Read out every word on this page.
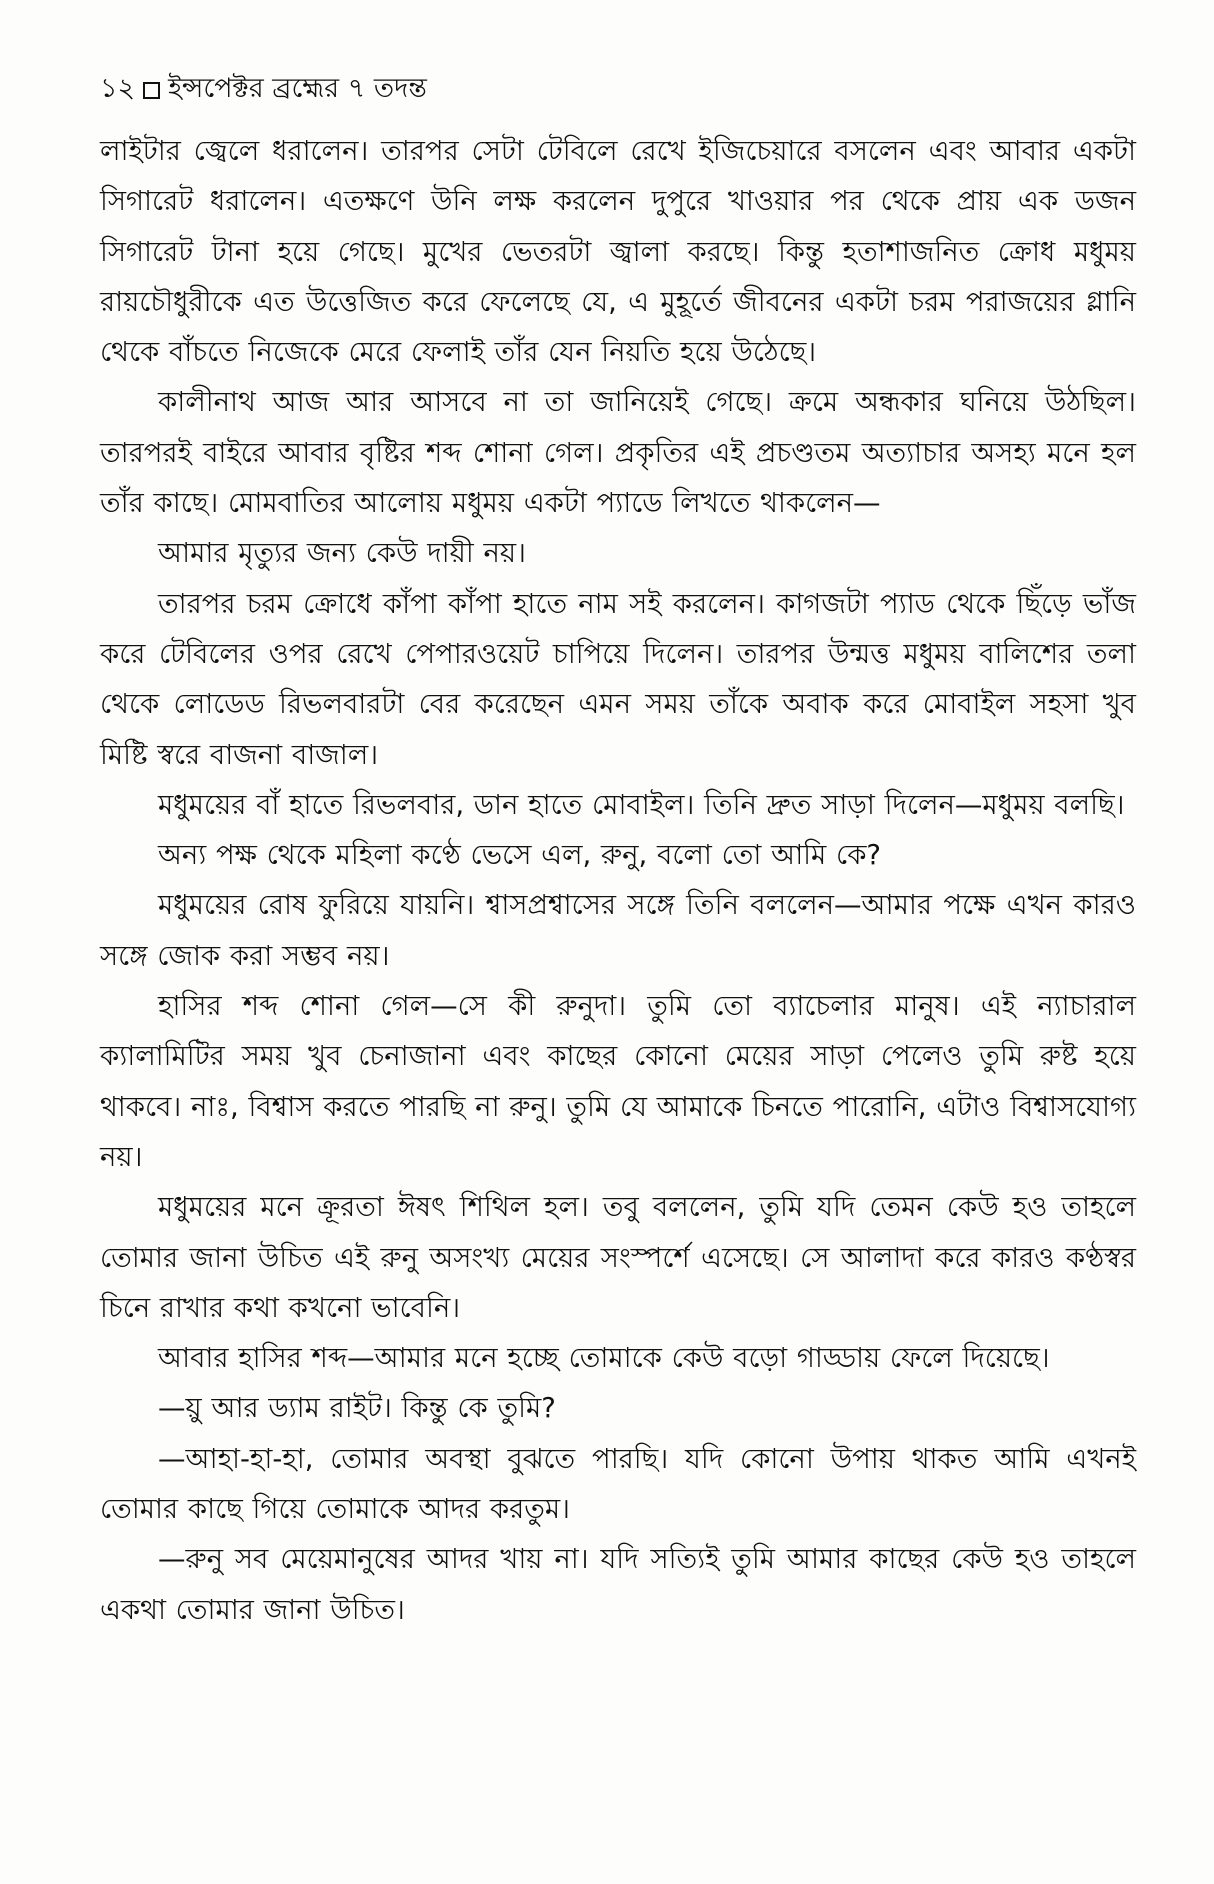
১২ ইন্সপেক্টর ব্রহ্মের ৭ তদন্ত

লাইটার জ্বেলে ধরালেন। তারপর সেটা টেবিলে রেখে ইজিচেয়ারে বসলেন এবং আবার একটা সিগারেট ধরালেন। এতক্ষণে উনি লক্ষ করলেন দুপুরে খাওয়ার পর থেকে প্রায় এক ডজন সিগারেট টানা হয়ে গেছে। মুখের ভেতরটা জ্বালা করছে। কিন্তু হতাশাজনিত ক্রোধ মধুময় রায়চৌধুরীকে এত উত্তেজিত করে ফেলেছে যে, এ মুহূর্তে জীবনের একটা চরম পরাজয়ের গ্লানি থেকে বাঁচতে নিজেকে মেরে ফেলাই তাঁর যেন নিয়তি হয়ে উঠেছে।

কালীনাথ আজ আর আসবে না তা জানিয়েই গেছে। ক্রমে অন্ধকার ঘনিয়ে উঠছিল। তারপরই বাইরে আবার বৃষ্টির শব্দ শোনা গেল। প্রকৃতির এই প্রচণ্ডতম অত্যাচার অসহ্য মনে হল তাঁর কাছে। মোমবাতির আলোয় মধুময় একটা প্যাডে লিখতে থাকলেন—

আমার মৃত্যুর জন্য কেউ দায়ী নয়।

তারপর চরম ক্রোধে কাঁপা কাঁপা হাতে নাম সই করলেন। কাগজটা প্যাড থেকে ছিঁড়ে ভাঁজ করে টেবিলের ওপর রেখে পেপারওয়েট চাপিয়ে দিলেন। তারপর উন্মত্ত মধুময় বালিশের তলা থেকে লোডেড রিভলবারটা বের করেছেন এমন সময় তাঁকে অবাক করে মোবাইল সহসা খুব মিষ্টি স্বরে বাজনা বাজাল।

মধুময়ের বাঁ হাতে রিভলবার, ডান হাতে মোবাইল। তিনি দ্রুত সাড়া দিলেন—মধুময় বলছি।

অন্য পক্ষ থেকে মহিলা কণ্ঠে ভেসে এল, রুনু, বলো তো আমি কে?

মধুময়ের রোষ ফুরিয়ে যায়নি। শ্বাসপ্রশ্বাসের সঙ্গে তিনি বললেন—আমার পক্ষে এখন কারও সঙ্গে জোক করা সম্ভব নয়।

হাসির শব্দ শোনা গেল—সে কী রুনুদা। তুমি তো ব্যাচেলার মানুষ। এই ন্যাচারাল ক্যালামিটির সময় খুব চেনাজানা এবং কাছের কোনো মেয়ের সাড়া পেলেও তুমি রুষ্ট হয়ে থাকবে। নাঃ, বিশ্বাস করতে পারছি না রুনু। তুমি যে আমাকে চিনতে পারোনি, এটাও বিশ্বাসযোগ্য নয়।

মধুময়ের মনে ক্রূরতা ঈষৎ শিথিল হল। তবু বললেন, তুমি যদি তেমন কেউ হও তাহলে তোমার জানা উচিত এই রুনু অসংখ্য মেয়ের সংস্পর্শে এসেছে। সে আলাদা করে কারও কণ্ঠস্বর চিনে রাখার কথা কখনো ভাবেনি।

আবার হাসির শব্দ—আমার মনে হচ্ছে তোমাকে কেউ বড়ো গাড্ডায় ফেলে দিয়েছে।

—য়ু আর ড্যাম রাইট। কিন্তু কে তুমি?

—আহা-হা-হা, তোমার অবস্থা বুঝতে পারছি। যদি কোনো উপায় থাকত আমি এখনই তোমার কাছে গিয়ে তোমাকে আদর করতুম।

—রুনু সব মেয়েমানুষের আদর খায় না। যদি সত্যিই তুমি আমার কাছের কেউ হও তাহলে একথা তোমার জানা উচিত।
